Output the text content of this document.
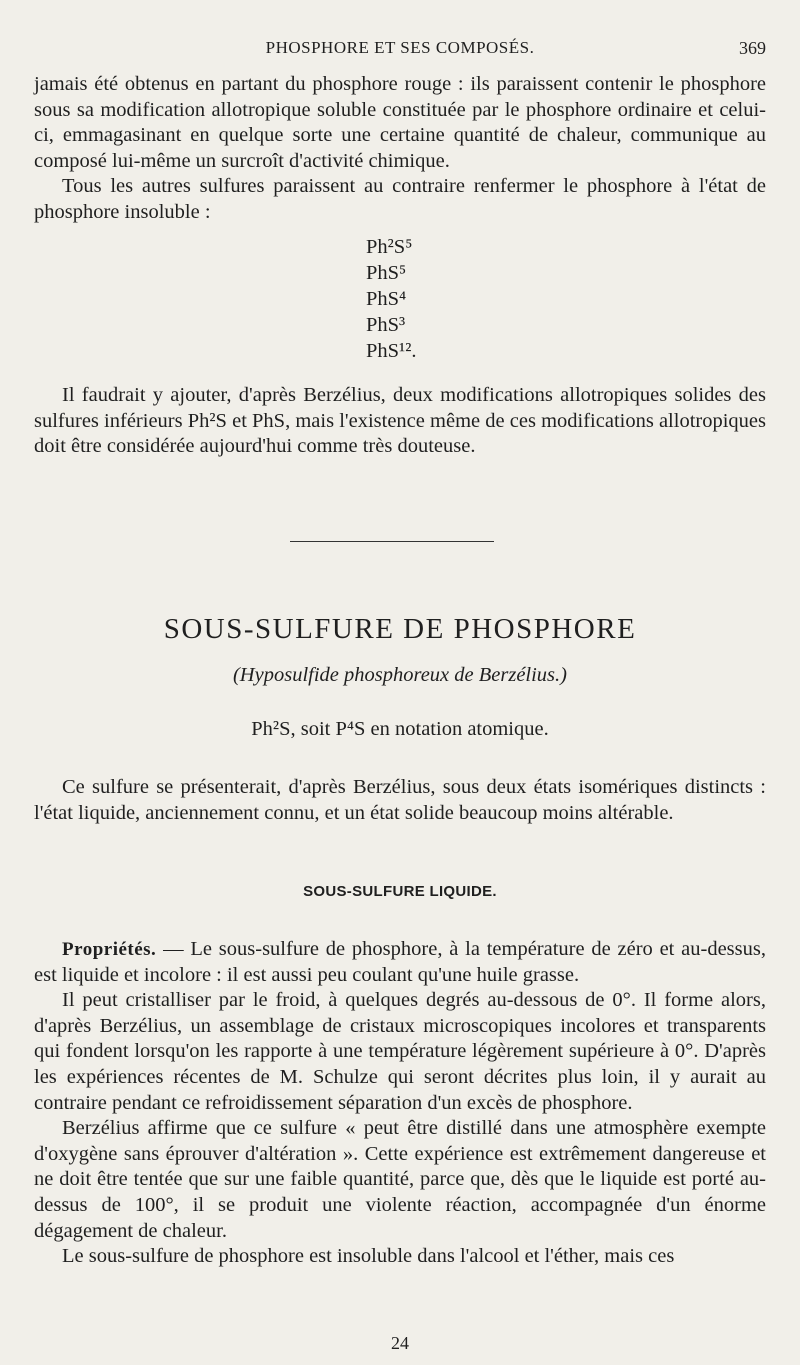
PHOSPHORE ET SES COMPOSÉS.	369

jamais été obtenus en partant du phosphore rouge : ils paraissent contenir le phosphore sous sa modification allotropique soluble constituée par le phosphore ordinaire et celui-ci, emmagasinant en quelque sorte une certaine quantité de chaleur, communique au composé lui-même un surcroît d'activité chimique.

Tous les autres sulfures paraissent au contraire renfermer le phosphore à l'état de phosphore insoluble :

Ph²S⁵
PhS⁵
PhS⁴
PhS³
PhS¹².

Il faudrait y ajouter, d'après Berzélius, deux modifications allotropiques solides des sulfures inférieurs Ph²S et PhS, mais l'existence même de ces modifications allotropiques doit être considérée aujourd'hui comme très douteuse.

SOUS-SULFURE DE PHOSPHORE
(Hyposulfide phosphoreux de Berzélius.)
Ph²S, soit P⁴S en notation atomique.

Ce sulfure se présenterait, d'après Berzélius, sous deux états isomériques distincts : l'état liquide, anciennement connu, et un état solide beaucoup moins altérable.

SOUS-SULFURE LIQUIDE.

Propriétés. — Le sous-sulfure de phosphore, à la température de zéro et au-dessus, est liquide et incolore : il est aussi peu coulant qu'une huile grasse.

Il peut cristalliser par le froid, à quelques degrés au-dessous de 0°. Il forme alors, d'après Berzélius, un assemblage de cristaux microscopiques incolores et transparents qui fondent lorsqu'on les rapporte à une température légèrement supérieure à 0°. D'après les expériences récentes de M. Schulze qui seront décrites plus loin, il y aurait au contraire pendant ce refroidissement séparation d'un excès de phosphore.

Berzélius affirme que ce sulfure « peut être distillé dans une atmosphère exempte d'oxygène sans éprouver d'altération ». Cette expérience est extrêmement dangereuse et ne doit être tentée que sur une faible quantité, parce que, dès que le liquide est porté au-dessus de 100°, il se produit une violente réaction, accompagnée d'un énorme dégagement de chaleur.

Le sous-sulfure de phosphore est insoluble dans l'alcool et l'éther, mais ces

24
